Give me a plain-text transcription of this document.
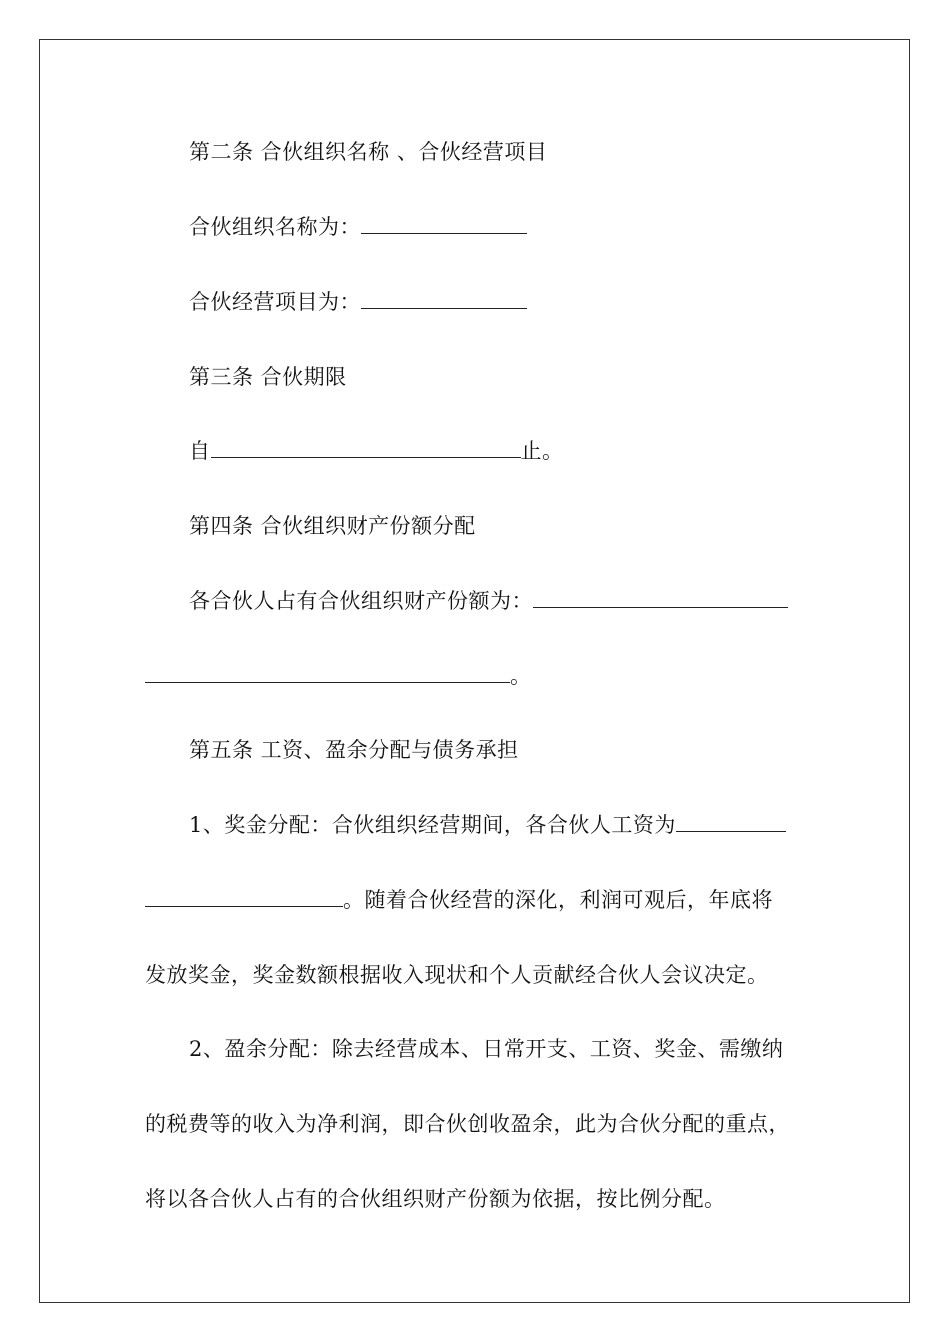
第二条 合伙组织名称 、合伙经营项目
合伙组织名称为：
合伙经营项目为：
第三条 合伙期限
自	止。
第四条 合伙组织财产份额分配
各合伙人占有合伙组织财产份额为：
。
第五条 工资、盈余分配与债务承担
1、奖金分配：合伙组织经营期间，各合伙人工资为
。随着合伙经营的深化，利润可观后，年底将
发放奖金，奖金数额根据收入现状和个人贡献经合伙人会议决定。
2、盈余分配：除去经营成本、日常开支、工资、奖金、需缴纳
的税费等的收入为净利润，即合伙创收盈余，此为合伙分配的重点，
将以各合伙人占有的合伙组织财产份额为依据，按比例分配。
